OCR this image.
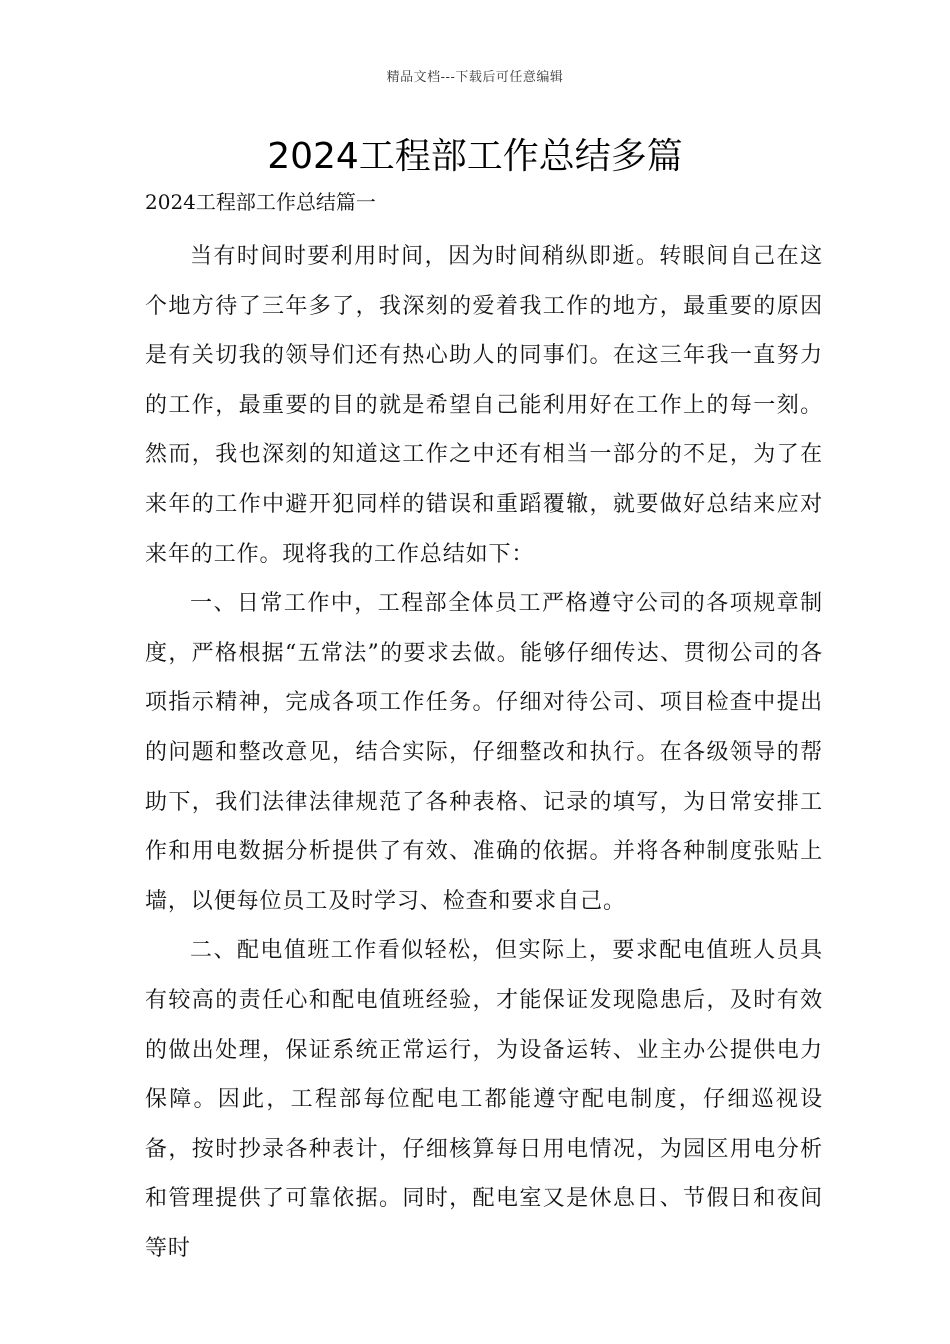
精品文档---下载后可任意编辑
2024工程部工作总结多篇
2024工程部工作总结篇一

当有时间时要利用时间，因为时间稍纵即逝。转眼间自己在这个地方待了三年多了，我深刻的爱着我工作的地方，最重要的原因是有关切我的领导们还有热心助人的同事们。在这三年我一直努力的工作，最重要的目的就是希望自己能利用好在工作上的每一刻。然而，我也深刻的知道这工作之中还有相当一部分的不足，为了在来年的工作中避开犯同样的错误和重蹈覆辙，就要做好总结来应对来年的工作。现将我的工作总结如下：

一、日常工作中，工程部全体员工严格遵守公司的各项规章制度，严格根据“五常法”的要求去做。能够仔细传达、贯彻公司的各项指示精神，完成各项工作任务。仔细对待公司、项目检查中提出的问题和整改意见，结合实际，仔细整改和执行。在各级领导的帮助下，我们法律法律规范了各种表格、记录的填写，为日常安排工作和用电数据分析提供了有效、准确的依据。并将各种制度张贴上墙，以便每位员工及时学习、检查和要求自己。

二、配电值班工作看似轻松，但实际上，要求配电值班人员具有较高的责任心和配电值班经验，才能保证发现隐患后，及时有效的做出处理，保证系统正常运行，为设备运转、业主办公提供电力保障。因此，工程部每位配电工都能遵守配电制度，仔细巡视设备，按时抄录各种表计，仔细核算每日用电情况，为园区用电分析和管理提供了可靠依据。同时，配电室又是休息日、节假日和夜间等时
